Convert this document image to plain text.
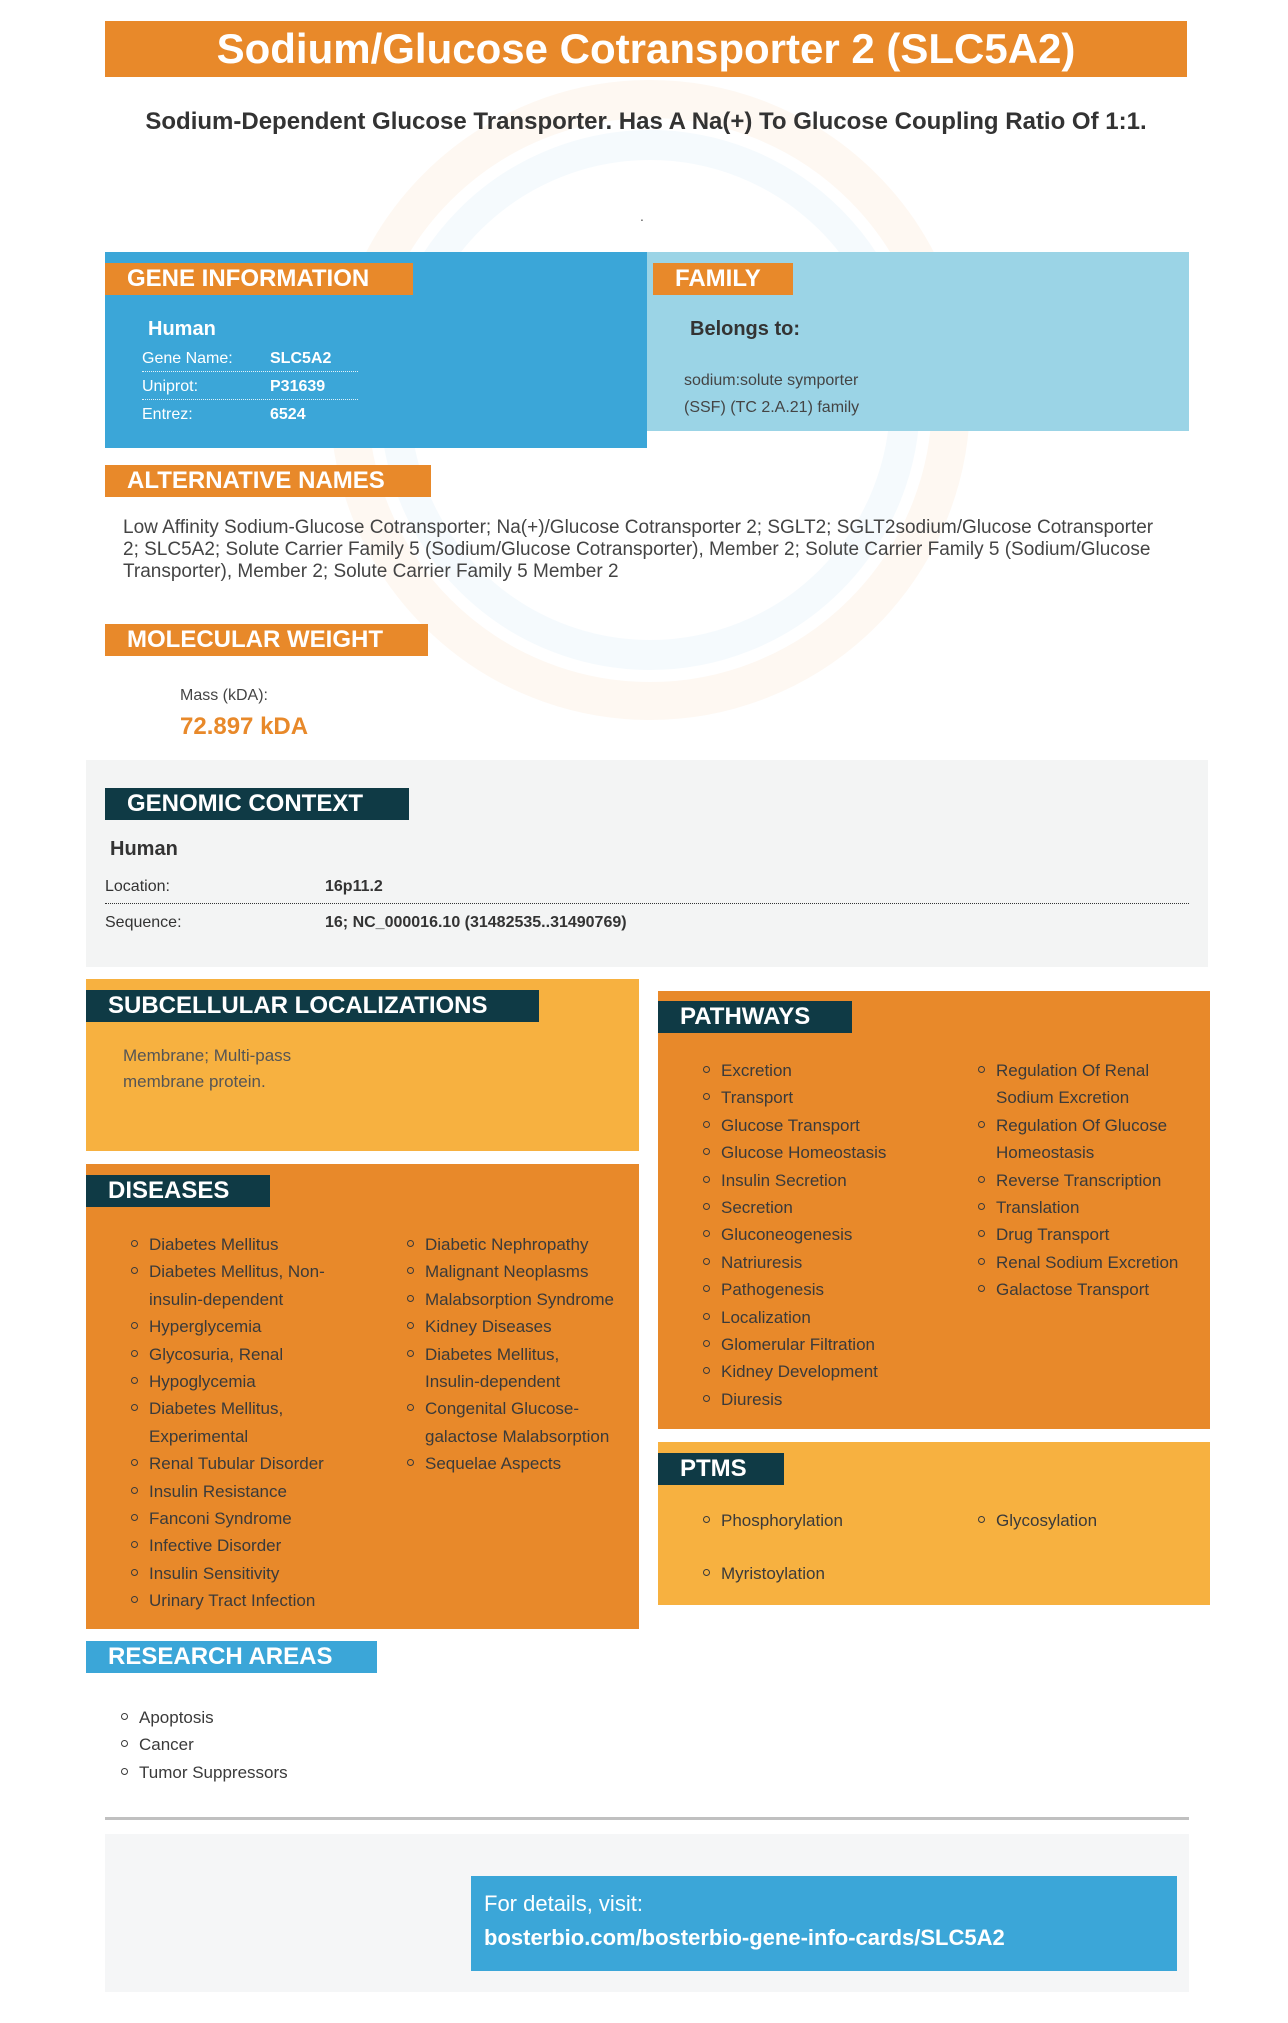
Sodium/Glucose Cotransporter 2 (SLC5A2)
Sodium-Dependent Glucose Transporter. Has A Na(+) To Glucose Coupling Ratio Of 1:1.
.
GENE INFORMATION
Human
Gene Name: SLC5A2
Uniprot:	P31639
Entrez:	6524
FAMILY
Belongs to:
sodium:solute symporter
(SSF) (TC 2.A.21) family
ALTERNATIVE NAMES
Low Affinity Sodium-Glucose Cotransporter; Na(+)/Glucose Cotransporter 2; SGLT2; SGLT2sodium/Glucose Cotransporter 2; SLC5A2; Solute Carrier Family 5 (Sodium/Glucose Cotransporter), Member 2; Solute Carrier Family 5 (Sodium/Glucose Transporter), Member 2; Solute Carrier Family 5 Member 2
MOLECULAR WEIGHT
Mass (kDA):
72.897 kDA
GENOMIC CONTEXT
Human
Location:	16p11.2
Sequence:	16; NC_000016.10 (31482535..31490769)
SUBCELLULAR LOCALIZATIONS
Membrane; Multi-pass
membrane protein.
DISEASES
Diabetes Mellitus
Diabetes Mellitus, Non-
insulin-dependent
Hyperglycemia
Glycosuria, Renal
Hypoglycemia
Diabetes Mellitus,
Experimental
Renal Tubular Disorder
Insulin Resistance
Fanconi Syndrome
Infective Disorder
Insulin Sensitivity
Urinary Tract Infection
Diabetic Nephropathy
Malignant Neoplasms
Malabsorption Syndrome
Kidney Diseases
Diabetes Mellitus,
Insulin-dependent
Congenital Glucose-
galactose Malabsorption
Sequelae Aspects
PATHWAYS
Excretion
Transport
Glucose Transport
Glucose Homeostasis
Insulin Secretion
Secretion
Gluconeogenesis
Natriuresis
Pathogenesis
Localization
Glomerular Filtration
Kidney Development
Diuresis
Regulation Of Renal
Sodium Excretion
Regulation Of Glucose
Homeostasis
Reverse Transcription
Translation
Drug Transport
Renal Sodium Excretion
Galactose Transport
PTMS
Phosphorylation	Glycosylation
Myristoylation
RESEARCH AREAS
Apoptosis
Cancer
Tumor Suppressors
For details, visit:
bosterbio.com/bosterbio-gene-info-cards/SLC5A2
